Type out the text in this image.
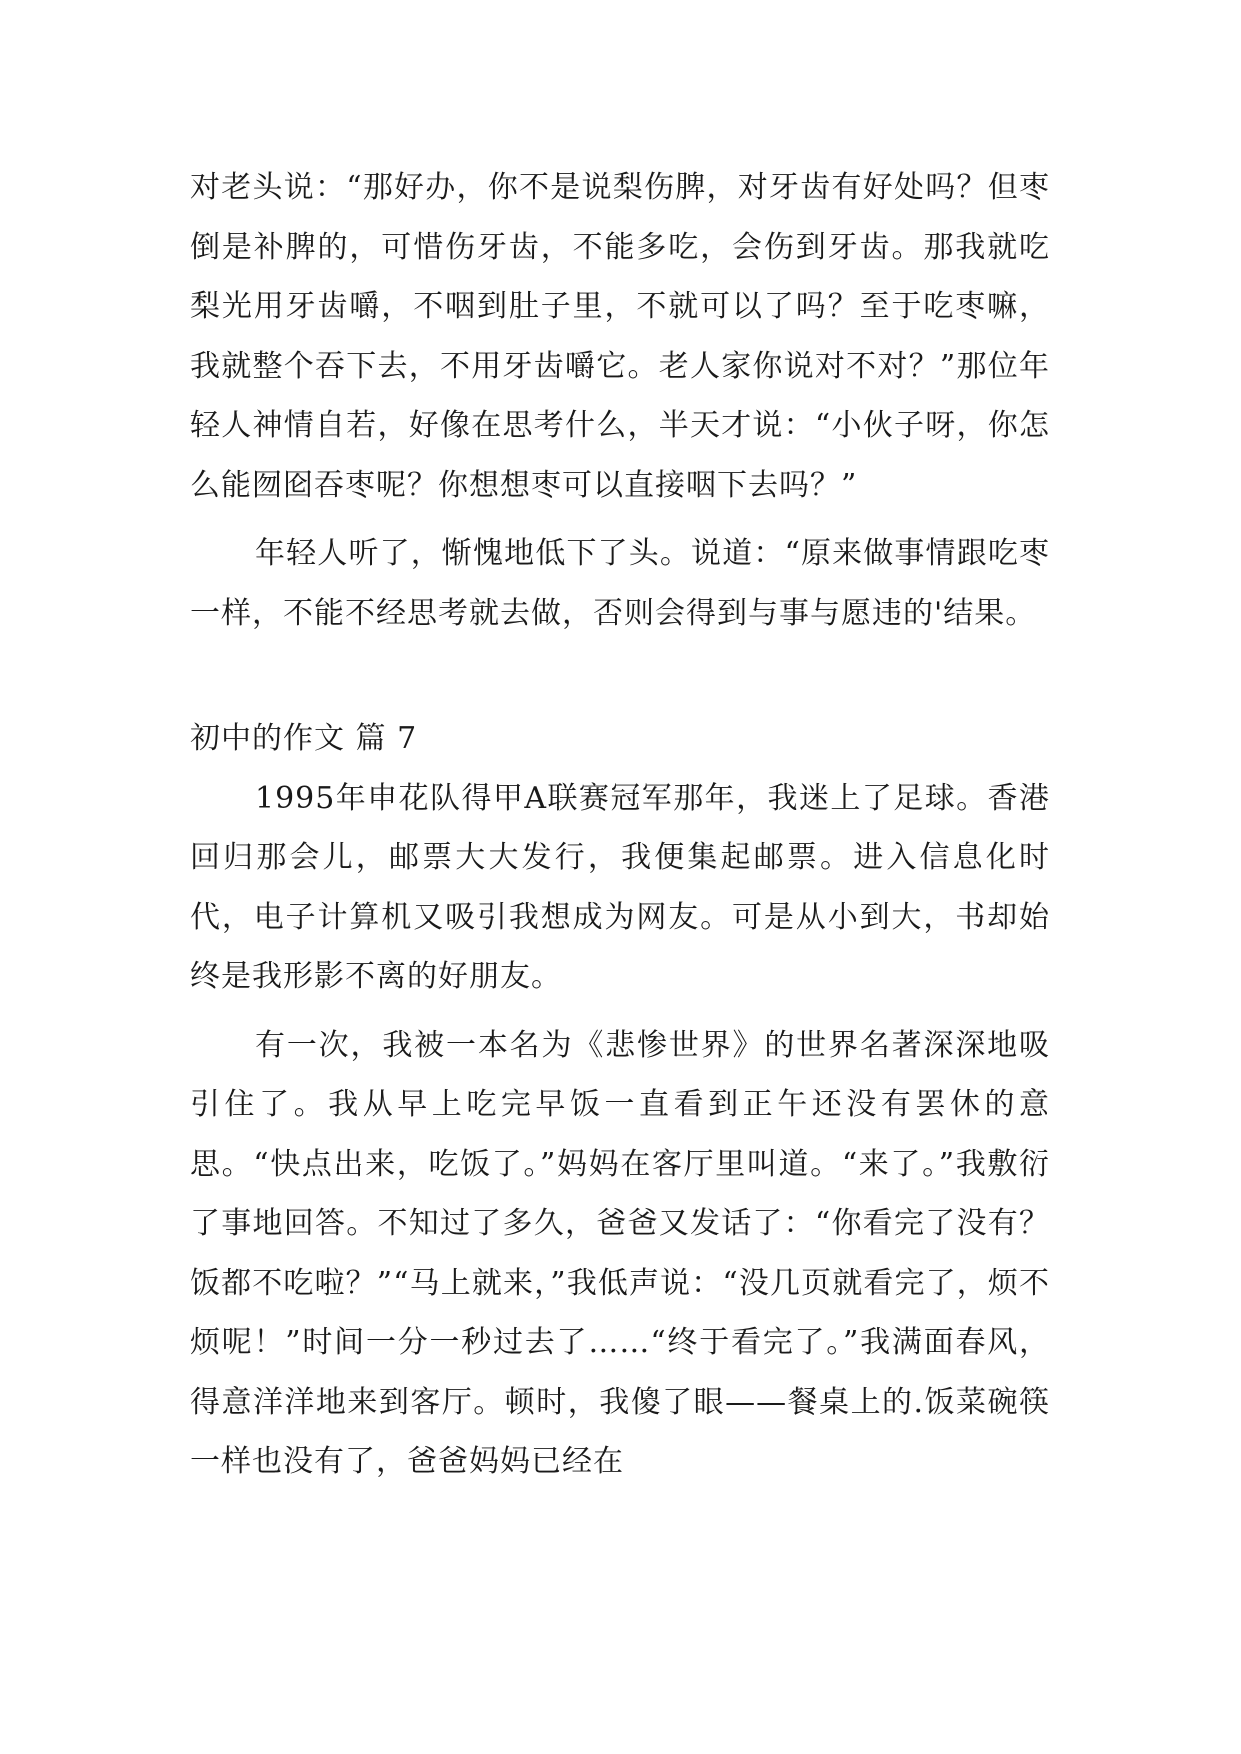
对老头说：“那好办，你不是说梨伤脾，对牙齿有好处吗？但枣倒是补脾的，可惜伤牙齿，不能多吃，会伤到牙齿。那我就吃梨光用牙齿嚼，不咽到肚子里，不就可以了吗？至于吃枣嘛，我就整个吞下去，不用牙齿嚼它。老人家你说对不对？”那位年轻人神情自若，好像在思考什么，半天才说：“小伙子呀，你怎么能囫囵吞枣呢？你想想枣可以直接咽下去吗？”

年轻人听了，惭愧地低下了头。说道：“原来做事情跟吃枣一样，不能不经思考就去做，否则会得到与事与愿违的'结果。

初中的作文 篇 7

1995年申花队得甲A联赛冠军那年，我迷上了足球。香港回归那会儿，邮票大大发行，我便集起邮票。进入信息化时代，电子计算机又吸引我想成为网友。可是从小到大，书却始终是我形影不离的好朋友。

有一次，我被一本名为《悲惨世界》的世界名著深深地吸引住了。我从早上吃完早饭一直看到正午还没有罢休的意思。“快点出来，吃饭了。”妈妈在客厅里叫道。“来了。”我敷衍了事地回答。不知过了多久，爸爸又发话了：“你看完了没有？饭都不吃啦？”“马上就来，”我低声说：“没几页就看完了，烦不烦呢！”时间一分一秒过去了……“终于看完了。”我满面春风，得意洋洋地来到客厅。顿时，我傻了眼——餐桌上的.饭菜碗筷一样也没有了，爸爸妈妈已经在
